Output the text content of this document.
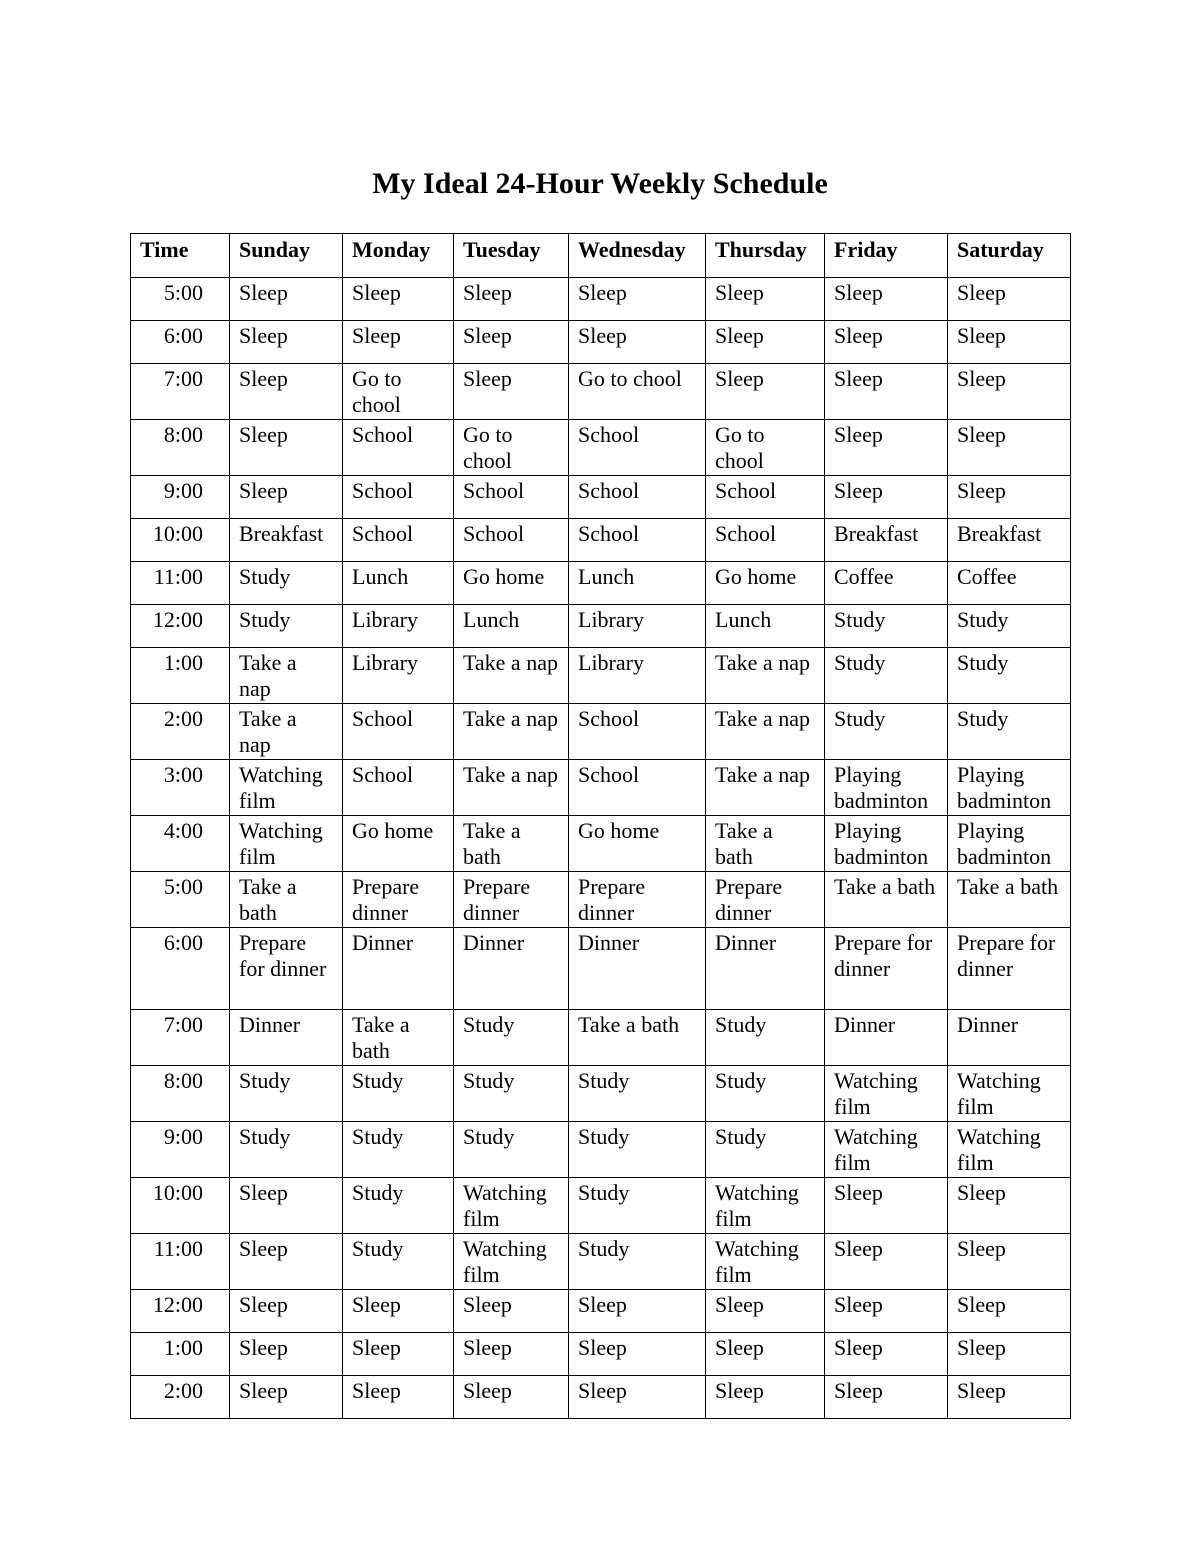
My Ideal 24-Hour Weekly Schedule
Time	Sunday	Monday	Tuesday	Wednesday	Thursday	Friday	Saturday
5:00	Sleep	Sleep	Sleep	Sleep	Sleep	Sleep	Sleep
6:00	Sleep	Sleep	Sleep	Sleep	Sleep	Sleep	Sleep
7:00	Sleep	Go to chool	Sleep	Go to chool	Sleep	Sleep	Sleep
8:00	Sleep	School	Go to chool	School	Go to chool	Sleep	Sleep
9:00	Sleep	School	School	School	School	Sleep	Sleep
10:00	Breakfast	School	School	School	School	Breakfast	Breakfast
11:00	Study	Lunch	Go home	Lunch	Go home	Coffee	Coffee
12:00	Study	Library	Lunch	Library	Lunch	Study	Study
1:00	Take a nap	Library	Take a nap	Library	Take a nap	Study	Study
2:00	Take a nap	School	Take a nap	School	Take a nap	Study	Study
3:00	Watching film	School	Take a nap	School	Take a nap	Playing badminton	Playing badminton
4:00	Watching film	Go home	Take a bath	Go home	Take a bath	Playing badminton	Playing badminton
5:00	Take a bath	Prepare dinner	Prepare dinner	Prepare dinner	Prepare dinner	Take a bath	Take a bath
6:00	Prepare for dinner	Dinner	Dinner	Dinner	Dinner	Prepare for dinner	Prepare for dinner
7:00	Dinner	Take a bath	Study	Take a bath	Study	Dinner	Dinner
8:00	Study	Study	Study	Study	Study	Watching film	Watching film
9:00	Study	Study	Study	Study	Study	Watching film	Watching film
10:00	Sleep	Study	Watching film	Study	Watching film	Sleep	Sleep
11:00	Sleep	Study	Watching film	Study	Watching film	Sleep	Sleep
12:00	Sleep	Sleep	Sleep	Sleep	Sleep	Sleep	Sleep
1:00	Sleep	Sleep	Sleep	Sleep	Sleep	Sleep	Sleep
2:00	Sleep	Sleep	Sleep	Sleep	Sleep	Sleep	Sleep
